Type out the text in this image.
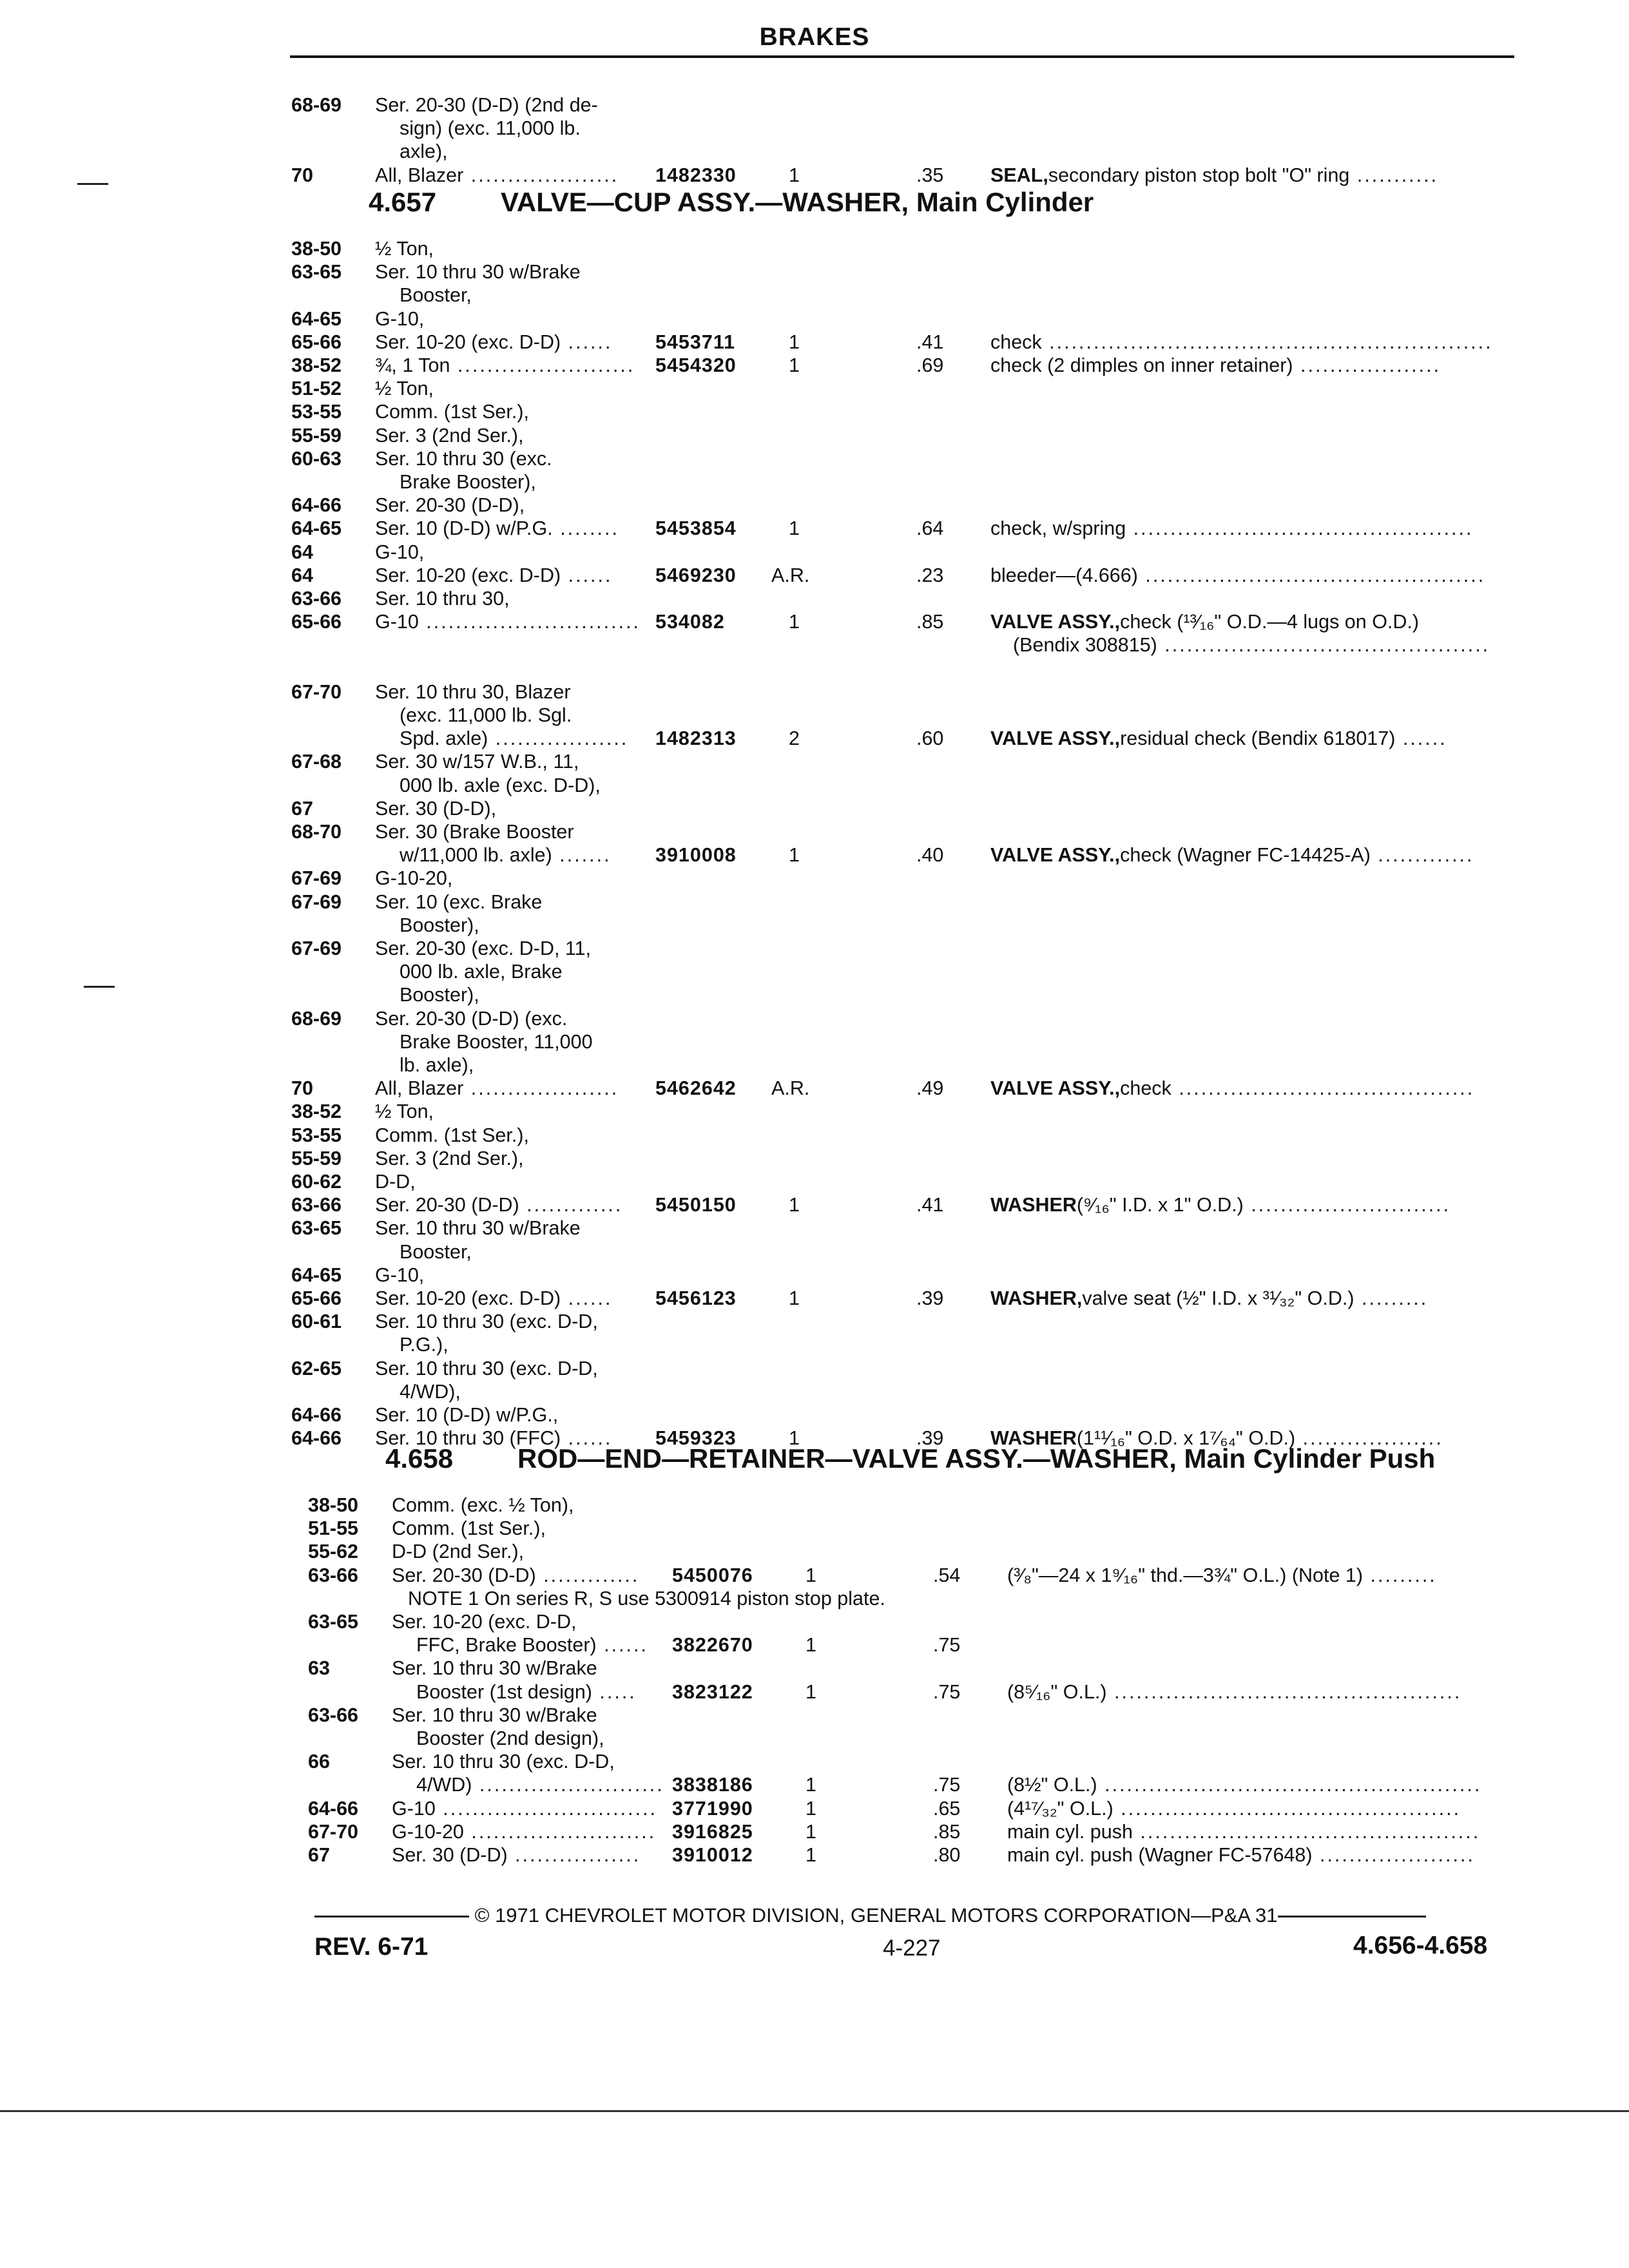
BRAKES
68-69 Ser. 20-30 (D-D) (2nd de-
sign) (exc. 11,000 lb.
axle),
70	All, Blazer .................... 1482330	1	.35 SEAL,secondary piston stop bolt "O" ring ...........
4.657 VALVE—CUP ASSY.—WASHER, Main Cylinder
38-50 ½ Ton,
63-65 Ser. 10 thru 30 w/Brake
Booster,
64-65 G-10,
65-66 Ser. 10-20 (exc. D-D) ...... 5453711	1	.41 check ............................................................
38-52 ¾, 1 Ton ........................ 5454320	1	.69 check (2 dimples on inner retainer) ...................
51-52 ½ Ton,
53-55 Comm. (1st Ser.),
55-59 Ser. 3 (2nd Ser.),
60-63 Ser. 10 thru 30 (exc.
Brake Booster),
64-66 Ser. 20-30 (D-D),
64-65 Ser. 10 (D-D) w/P.G. ........ 5453854	1	.64 check, w/spring ..............................................
64	G-10,
64	Ser. 10-20 (exc. D-D) ...... 5469230 A.R.	.23 bleeder—(4.666) ..............................................
63-66 Ser. 10 thru 30,
65-66 G-10 ............................. 534082	1	.85 VALVE ASSY.,check (¹³⁄₁₆" O.D.—4 lugs on O.D.)
(Bendix 308815) ............................................
67-70 Ser. 10 thru 30, Blazer
(exc. 11,000 lb. Sgl.
Spd. axle) .................. 1482313	2	.60 VALVE ASSY.,residual check (Bendix 618017) ......
67-68 Ser. 30 w/157 W.B., 11,
000 lb. axle (exc. D-D),
67	Ser. 30 (D-D),
68-70 Ser. 30 (Brake Booster
w/11,000 lb. axle) ....... 3910008	1	.40 VALVE ASSY.,check (Wagner FC-14425-A) .............
67-69 G-10-20,
67-69 Ser. 10 (exc. Brake
Booster),
67-69 Ser. 20-30 (exc. D-D, 11,
000 lb. axle, Brake
Booster),
68-69 Ser. 20-30 (D-D) (exc.
Brake Booster, 11,000
lb. axle),
70	All, Blazer .................... 5462642 A.R.	.49 VALVE ASSY.,check ........................................
38-52 ½ Ton,
53-55 Comm. (1st Ser.),
55-59 Ser. 3 (2nd Ser.),
60-62 D-D,
63-66 Ser. 20-30 (D-D) ............. 5450150	1	.41 WASHER(⁹⁄₁₆" I.D. x 1" O.D.) ...........................
63-65 Ser. 10 thru 30 w/Brake
Booster,
64-65 G-10,
65-66 Ser. 10-20 (exc. D-D) ...... 5456123	1	.39 WASHER,valve seat (½" I.D. x ³¹⁄₃₂" O.D.) .........
60-61 Ser. 10 thru 30 (exc. D-D,
P.G.),
62-65 Ser. 10 thru 30 (exc. D-D,
4/WD),
64-66 Ser. 10 (D-D) w/P.G.,
64-66 Ser. 10 thru 30 (FFC) ...... 5459323	1	.39 WASHER(1¹¹⁄₁₆" O.D. x 1⁷⁄₆₄" O.D.) ...................
4.658 ROD—END—RETAINER—VALVE ASSY.—WASHER, Main Cylinder Push
38-50 Comm. (exc. ½ Ton),
51-55 Comm. (1st Ser.),
55-62 D-D (2nd Ser.),
63-66 Ser. 20-30 (D-D) ............. 5450076	1	.54 (³⁄₈"—24 x 1⁹⁄₁₆" thd.—3¾" O.L.) (Note 1) .........
NOTE 1 On series R, S use 5300914 piston stop plate.
63-65 Ser. 10-20 (exc. D-D,
FFC, Brake Booster) ...... 3822670	1	.75
63	Ser. 10 thru 30 w/Brake
Booster (1st design) ..... 3823122	1	.75 (8⁵⁄₁₆" O.L.) ...............................................
63-66 Ser. 10 thru 30 w/Brake
Booster (2nd design),
66	Ser. 10 thru 30 (exc. D-D,
4/WD) ......................... 3838186	1	.75 (8½" O.L.) ...................................................
64-66 G-10 ............................. 3771990	1	.65 (4¹⁷⁄₃₂" O.L.) ..............................................
67-70 G-10-20 ......................... 3916825	1	.85 main cyl. push ..............................................
67	Ser. 30 (D-D) ................. 3910012	1	.80 main cyl. push (Wagner FC-57648) .....................
© 1971 CHEVROLET MOTOR DIVISION, GENERAL MOTORS CORPORATION—P&A 31
REV. 6-71	4-227	4.656-4.658
